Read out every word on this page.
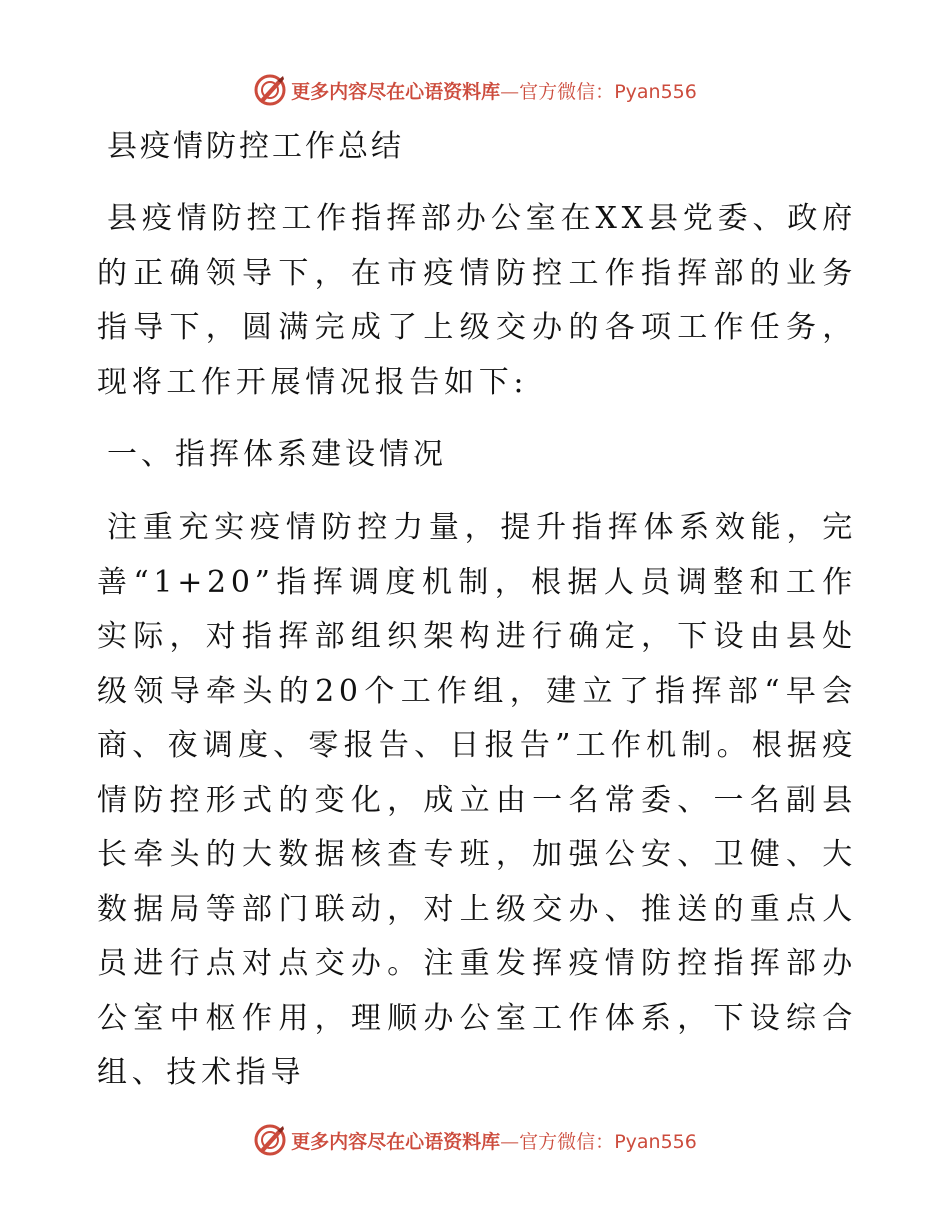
更多内容尽在心语资料库—官方微信：Pyan556
县疫情防控工作总结

县疫情防控工作指挥部办公室在XX县党委、政府的正确领导下，在市疫情防控工作指挥部的业务指导下，圆满完成了上级交办的各项工作任务，现将工作开展情况报告如下:

一、指挥体系建设情况

注重充实疫情防控力量，提升指挥体系效能，完善“1+20”指挥调度机制，根据人员调整和工作实际，对指挥部组织架构进行确定，下设由县处级领导牵头的20个工作组，建立了指挥部“早会商、夜调度、零报告、日报告”工作机制。根据疫情防控形式的变化，成立由一名常委、一名副县长牵头的大数据核查专班，加强公安、卫健、大数据局等部门联动，对上级交办、推送的重点人员进行点对点交办。注重发挥疫情防控指挥部办公室中枢作用，理顺办公室工作体系，下设综合组、技术指导

更多内容尽在心语资料库—官方微信：Pyan556
